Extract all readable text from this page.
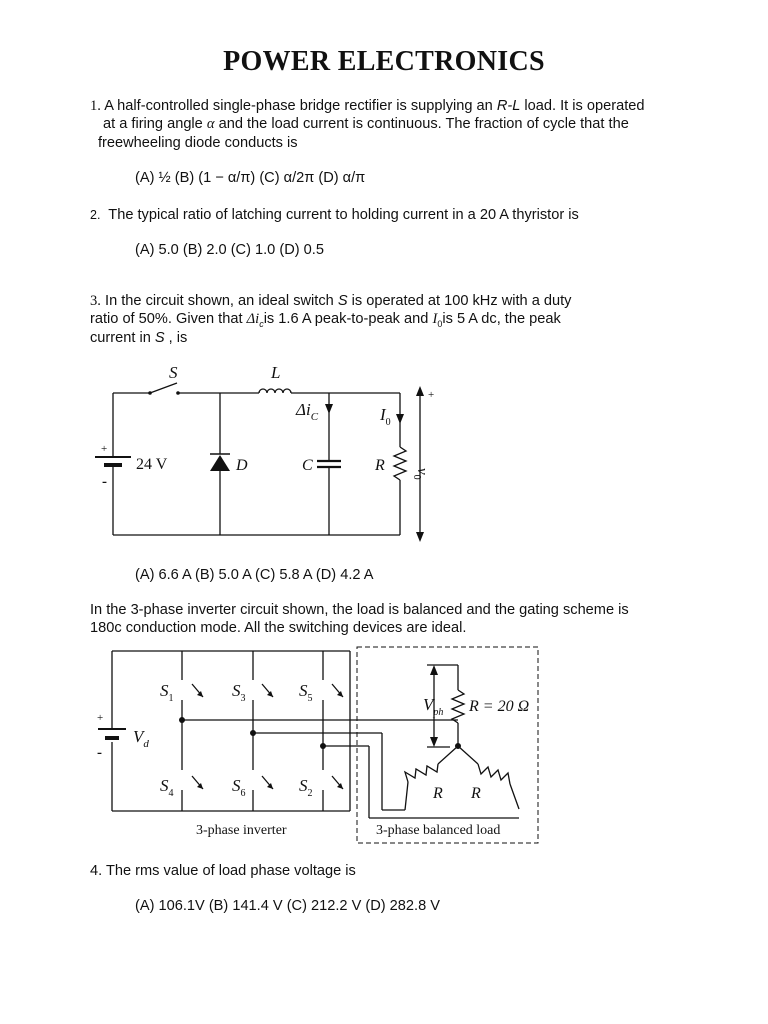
POWER ELECTRONICS
1. A half-controlled single-phase bridge rectifier is supplying an R-L load. It is operated
at a firing angle α and the load current is continuous. The fraction of cycle that the
freewheeling diode conducts is
(A) ½ (B) (1 − α/π) (C) α/2π (D) α/π
2. The typical ratio of latching current to holding current in a 20 A thyristor is
(A) 5.0 (B) 2.0 (C) 1.0 (D) 0.5
3. In the circuit shown, an ideal switch S is operated at 100 kHz with a duty
ratio of 50%. Given that $\Delta i_cis$ 1.6 A peak-to-peak and $I_0is$ 5 A dc, the peak
current in S , is
S	L
$\Delta i_C$	$I_0$
24 V	D	C	R $v_0$
+
+
-
(A) 6.6 A (B) 5.0 A (C) 5.8 A (D) 4.2 A
In the 3-phase inverter circuit shown, the load is balanced and the gating scheme is
180c conduction mode. All the switching devices are ideal.
$S_1$	$S_3$	$S_5$
$S_4$	$S_6$	$S_2$
$V_d$
$V_{ph}$ R = 20 Ω
R R
+
-
3-phase inverter	3-phase balanced load
4. The rms value of load phase voltage is
(A) 106.1V (B) 141.4 V (C) 212.2 V (D) 282.8 V
